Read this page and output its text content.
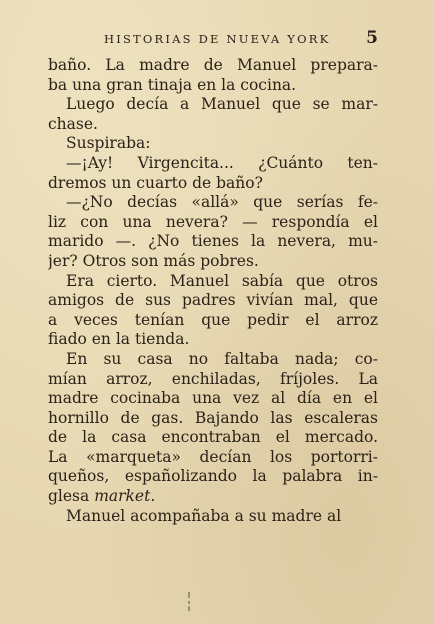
HISTORIAS DE NUEVA YORK 5
baño. La madre de Manuel prepara-
ba una gran tinaja en la cocina.
Luego decía a Manuel que se mar-
chase.
Suspiraba:
—¡Ay! Virgencita... ¿Cuánto ten-
dremos un cuarto de baño?
—¿No decías «allá» que serías fe-
liz con una nevera? — respondía el
marido —. ¿No tienes la nevera, mu-
jer? Otros son más pobres.
Era cierto. Manuel sabía que otros
amigos de sus padres vivían mal, que
a veces tenían que pedir el arroz
fiado en la tienda.
En su casa no faltaba nada; co-
mían arroz, enchiladas, fríjoles. La
madre cocinaba una vez al día en el
hornillo de gas. Bajando las escaleras
de la casa encontraban el mercado.
La «marqueta» decían los portorri-
queños, españolizando la palabra in-
glesa market.
Manuel acompañaba a su madre al
